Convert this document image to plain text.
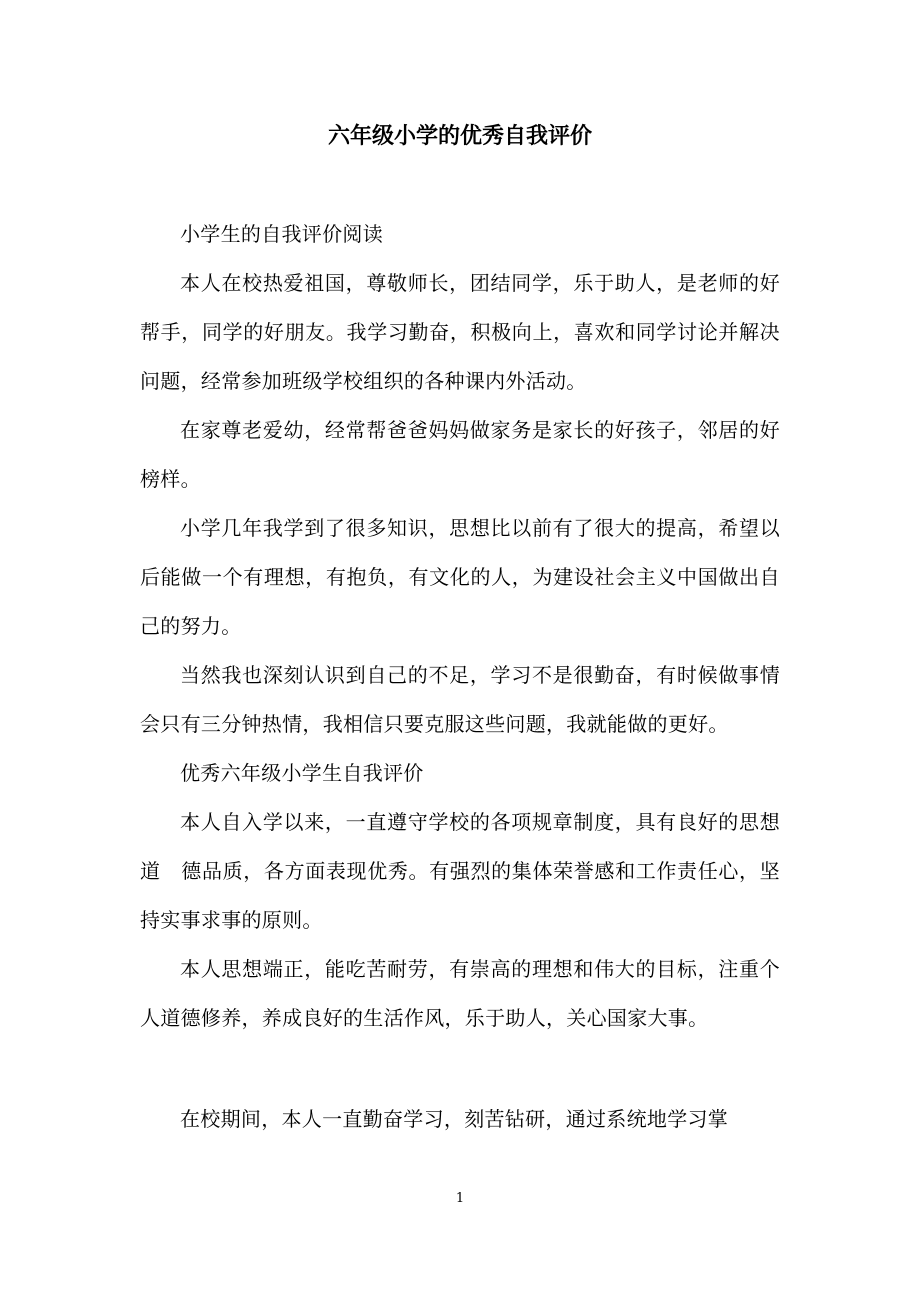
六年级小学的优秀自我评价

小学生的自我评价阅读

本人在校热爱祖国，尊敬师长，团结同学，乐于助人，是老师的好帮手，同学的好朋友。我学习勤奋，积极向上，喜欢和同学讨论并解决问题，经常参加班级学校组织的各种课内外活动。

在家尊老爱幼，经常帮爸爸妈妈做家务是家长的好孩子，邻居的好榜样。

小学几年我学到了很多知识，思想比以前有了很大的提高，希望以后能做一个有理想，有抱负，有文化的人，为建设社会主义中国做出自己的努力。

当然我也深刻认识到自己的不足，学习不是很勤奋，有时候做事情会只有三分钟热情，我相信只要克服这些问题，我就能做的更好。

优秀六年级小学生自我评价

本人自入学以来，一直遵守学校的各项规章制度，具有良好的思想道　德品质，各方面表现优秀。有强烈的集体荣誉感和工作责任心，坚持实事求事的原则。

本人思想端正，能吃苦耐劳，有崇高的理想和伟大的目标，注重个人道德修养，养成良好的生活作风，乐于助人，关心国家大事。

在校期间，本人一直勤奋学习，刻苦钻研，通过系统地学习掌

1
